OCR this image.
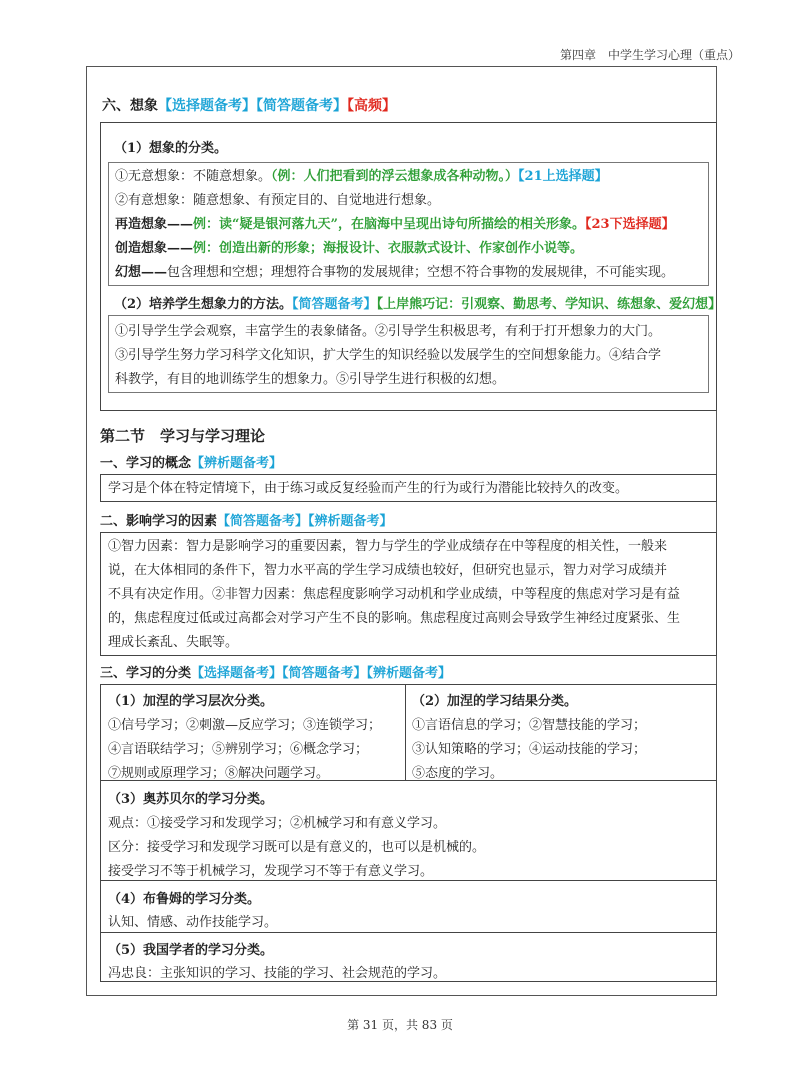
第四章　中学生学习心理（重点）
六、想象【选择题备考】【简答题备考】【高频】
（1）想象的分类。
①无意想象：不随意想象。（例：人们把看到的浮云想象成各种动物。）【21上选择题】
②有意想象：随意想象、有预定目的、自觉地进行想象。
再造想象——例：读“疑是银河落九天”，在脑海中呈现出诗句所描绘的相关形象。【23下选择题】
创造想象——例：创造出新的形象；海报设计、衣服款式设计、作家创作小说等。
幻想——包含理想和空想；理想符合事物的发展规律；空想不符合事物的发展规律，不可能实现。
（2）培养学生想象力的方法。【简答题备考】【上岸熊巧记：引观察、勤思考、学知识、练想象、爱幻想】
①引导学生学会观察，丰富学生的表象储备。②引导学生积极思考，有利于打开想象力的大门。
③引导学生努力学习科学文化知识，扩大学生的知识经验以发展学生的空间想象能力。④结合学
科教学，有目的地训练学生的想象力。⑤引导学生进行积极的幻想。
第二节　学习与学习理论
一、学习的概念【辨析题备考】
学习是个体在特定情境下，由于练习或反复经验而产生的行为或行为潜能比较持久的改变。
二、影响学习的因素【简答题备考】【辨析题备考】
①智力因素：智力是影响学习的重要因素，智力与学生的学业成绩存在中等程度的相关性，一般来
说，在大体相同的条件下，智力水平高的学生学习成绩也较好，但研究也显示，智力对学习成绩并
不具有决定作用。②非智力因素：焦虑程度影响学习动机和学业成绩，中等程度的焦虑对学习是有益
的，焦虑程度过低或过高都会对学习产生不良的影响。焦虑程度过高则会导致学生神经过度紧张、生
理成长紊乱、失眠等。
三、学习的分类【选择题备考】【简答题备考】【辨析题备考】
（1）加涅的学习层次分类。
①信号学习；②刺激—反应学习；③连锁学习；
④言语联结学习；⑤辨别学习；⑥概念学习；
⑦规则或原理学习；⑧解决问题学习。
（2）加涅的学习结果分类。
①言语信息的学习；②智慧技能的学习；
③认知策略的学习；④运动技能的学习；
⑤态度的学习。
（3）奥苏贝尔的学习分类。
观点：①接受学习和发现学习；②机械学习和有意义学习。
区分：接受学习和发现学习既可以是有意义的，也可以是机械的。
接受学习不等于机械学习，发现学习不等于有意义学习。
（4）布鲁姆的学习分类。
认知、情感、动作技能学习。
（5）我国学者的学习分类。
冯忠良：主张知识的学习、技能的学习、社会规范的学习。
第 31 页，共 83 页
